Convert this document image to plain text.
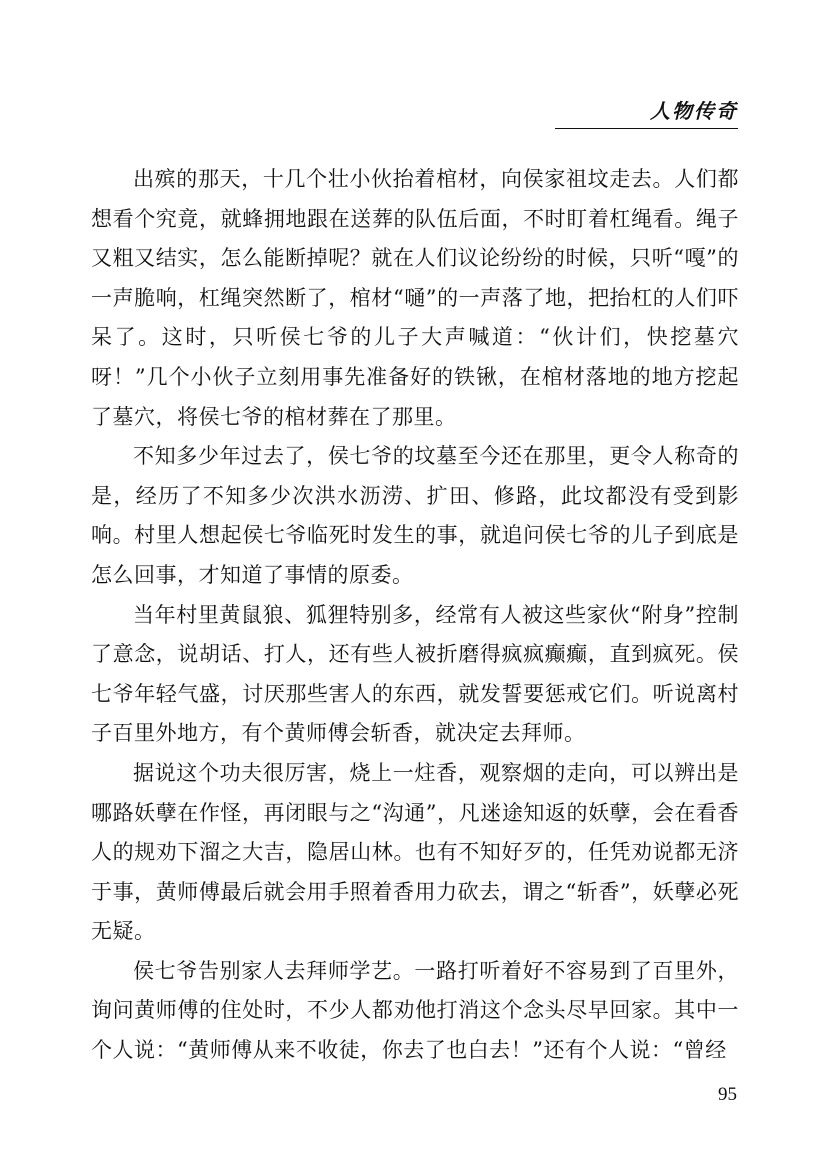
人物传奇

出殡的那天，十几个壮小伙抬着棺材，向侯家祖坟走去。人们都想看个究竟，就蜂拥地跟在送葬的队伍后面，不时盯着杠绳看。绳子又粗又结实，怎么能断掉呢？就在人们议论纷纷的时候，只听“嘎”的一声脆响，杠绳突然断了，棺材“嗵”的一声落了地，把抬杠的人们吓呆了。这时，只听侯七爷的儿子大声喊道：“伙计们，快挖墓穴呀！”几个小伙子立刻用事先准备好的铁锹，在棺材落地的地方挖起了墓穴，将侯七爷的棺材葬在了那里。

不知多少年过去了，侯七爷的坟墓至今还在那里，更令人称奇的是，经历了不知多少次洪水沥涝、扩田、修路，此坟都没有受到影响。村里人想起侯七爷临死时发生的事，就追问侯七爷的儿子到底是怎么回事，才知道了事情的原委。

当年村里黄鼠狼、狐狸特别多，经常有人被这些家伙“附身”控制了意念，说胡话、打人，还有些人被折磨得疯疯癫癫，直到疯死。侯七爷年轻气盛，讨厌那些害人的东西，就发誓要惩戒它们。听说离村子百里外地方，有个黄师傅会斩香，就决定去拜师。

据说这个功夫很厉害，烧上一炷香，观察烟的走向，可以辨出是哪路妖孽在作怪，再闭眼与之“沟通”，凡迷途知返的妖孽，会在看香人的规劝下溜之大吉，隐居山林。也有不知好歹的，任凭劝说都无济于事，黄师傅最后就会用手照着香用力砍去，谓之“斩香”，妖孽必死无疑。

侯七爷告别家人去拜师学艺。一路打听着好不容易到了百里外，询问黄师傅的住处时，不少人都劝他打消这个念头尽早回家。其中一个人说：“黄师傅从来不收徒，你去了也白去！”还有个人说：“曾经

95
